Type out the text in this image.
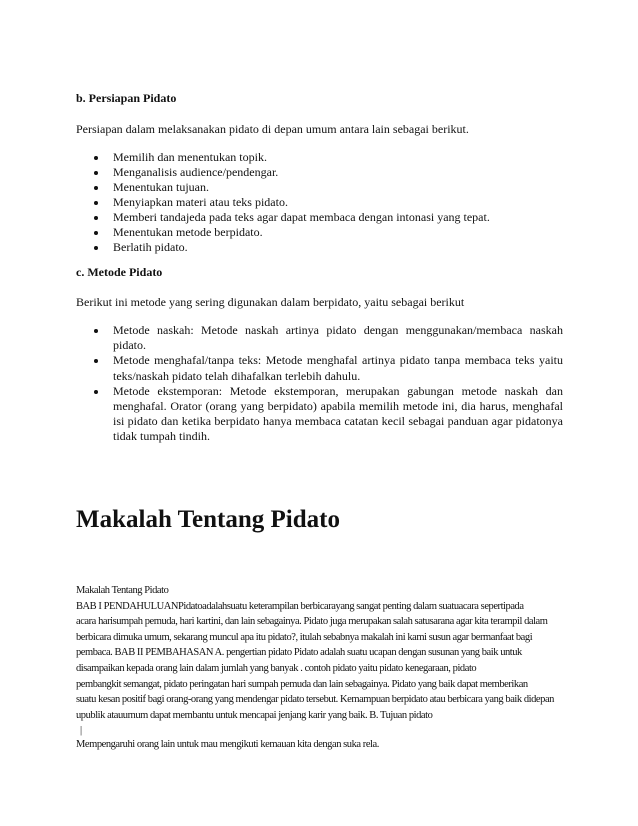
b. Persiapan Pidato
Persiapan dalam melaksanakan pidato di depan umum antara lain sebagai berikut.
Memilih dan menentukan topik.
Menganalisis audience/pendengar.
Menentukan tujuan.
Menyiapkan materi atau teks pidato.
Memberi tandajeda pada teks agar dapat membaca dengan intonasi yang tepat.
Menentukan metode berpidato.
Berlatih pidato.
c. Metode Pidato
Berikut ini metode yang sering digunakan dalam berpidato, yaitu sebagai berikut
Metode naskah: Metode naskah artinya pidato dengan menggunakan/membaca naskah pidato.
Metode menghafal/tanpa teks: Metode menghafal artinya pidato tanpa membaca teks yaitu teks/naskah pidato telah dihafalkan terlebih dahulu.
Metode ekstemporan: Metode ekstemporan, merupakan gabungan metode naskah dan menghafal. Orator (orang yang berpidato) apabila memilih metode ini, dia harus, menghafal isi pidato dan ketika berpidato hanya membaca catatan kecil sebagai panduan agar pidatonya tidak tumpah tindih.
Makalah Tentang Pidato
Makalah Tentang Pidato
BAB I PENDAHULUANPidatoadalahsuatu keterampilan berbicarayang sangat penting dalam suatuacara sepertipada
acara harisumpah pemuda, hari kartini, dan lain sebagainya. Pidato juga merupakan salah satusarana agar kita terampil dalam
berbicara dimuka umum, sekarang muncul apa itu pidato?, itulah sebabnya makalah ini kami susun agar bermanfaat bagi
pembaca. BAB II PEMBAHASAN A. pengertian pidato Pidato adalah suatu ucapan dengan susunan yang baik untuk
disampaikan kepada orang lain dalam jumlah yang banyak . contoh pidato yaitu pidato kenegaraan, pidato
pembangkit semangat, pidato peringatan hari sumpah pemuda dan lain sebagainya. Pidato yang baik dapat memberikan
suatu kesan positif bagi orang-orang yang mendengar pidato tersebut. Kemampuan berpidato atau berbicara yang baik didepan
upublik atauumum dapat membantu untuk mencapai jenjang karir yang baik. B. Tujuan pidato
|
Mempengaruhi orang lain untuk mau mengikuti kemauan kita dengan suka rela.
